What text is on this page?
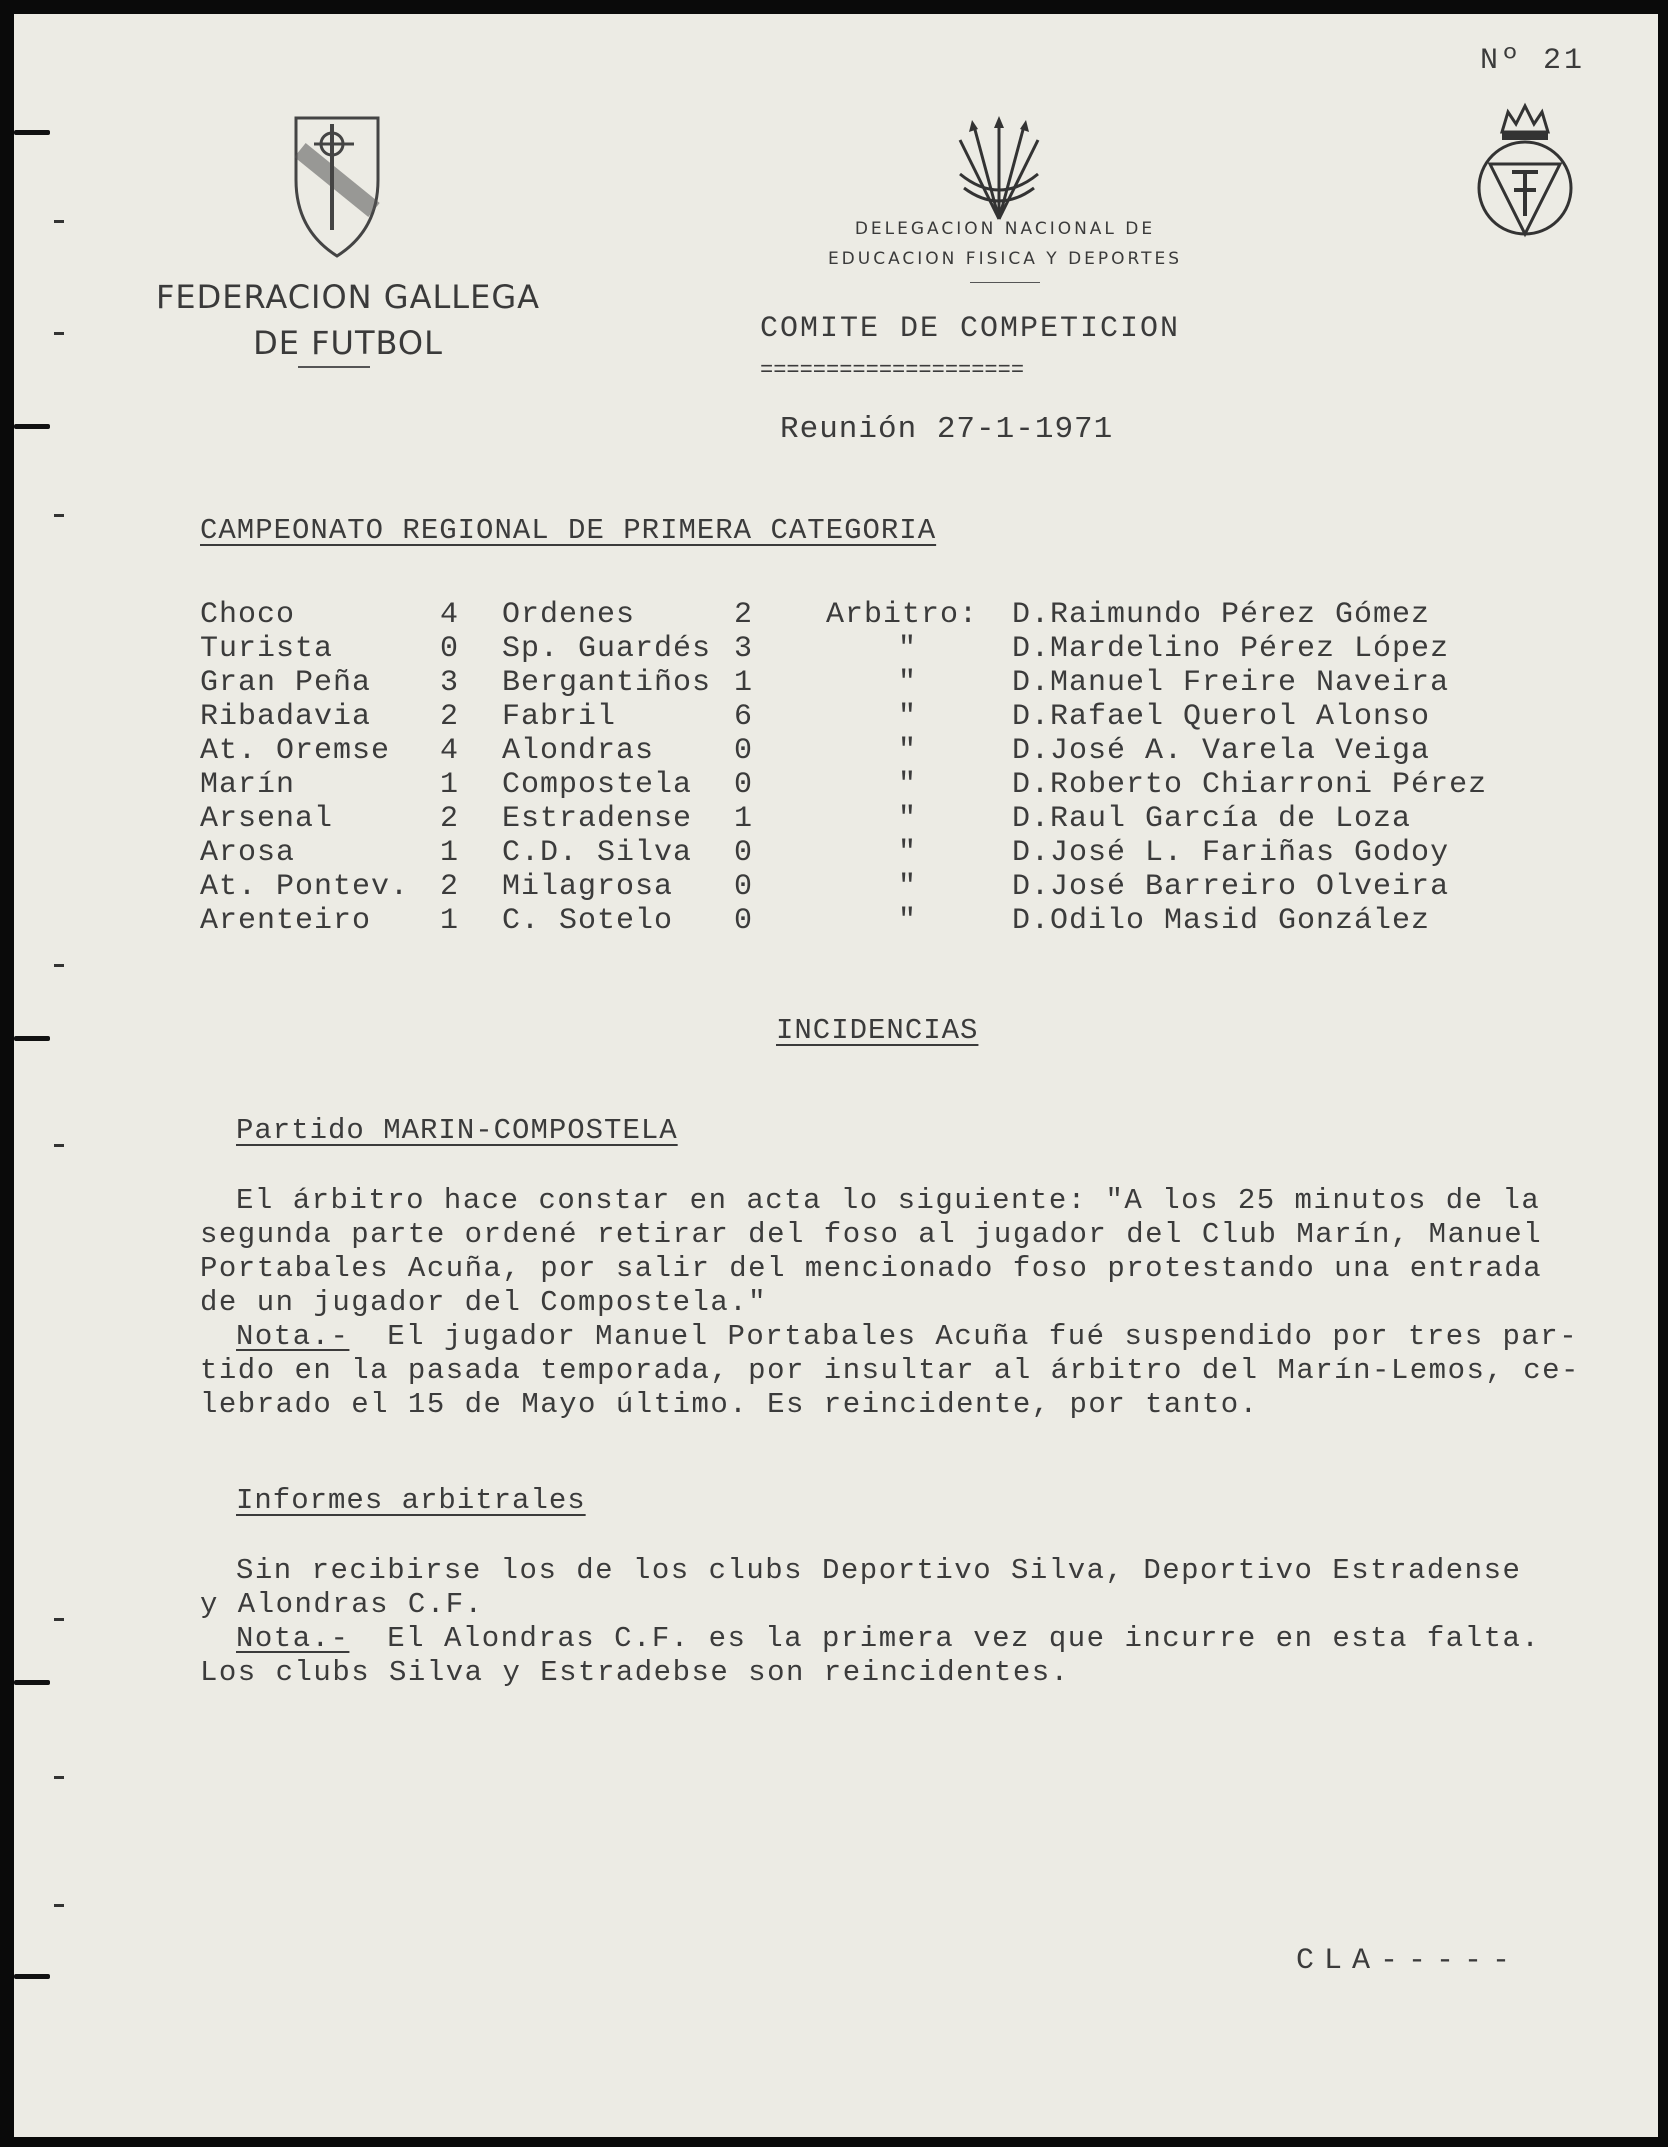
Nº 21
FEDERACION GALLEGA
DE FUTBOL
DELEGACION NACIONAL DE
EDUCACION FISICA Y DEPORTES
COMITE DE COMPETICION
====================
Reunión 27-1-1971
CAMPEONATO REGIONAL DE PRIMERA CATEGORIA
Choco	4 Ordenes	2 Arbitro: D.Raimundo Pérez Gómez
Turista	0 Sp. Guardés 3	"	D.Mardelino Pérez López
Gran Peña 3 Bergantiños 1	"	D.Manuel Freire Naveira
Ribadavia 2 Fabril	6	"	D.Rafael Querol Alonso
At. Oremse 4 Alondras	0	"	D.José A. Varela Veiga
Marín	1 Compostela 0	"	D.Roberto Chiarroni Pérez
Arsenal	2 Estradense 1	"	D.Raul García de Loza
Arosa	1 C.D. Silva 0	"	D.José L. Fariñas Godoy
At. Pontev. 2 Milagrosa 0	"	D.José Barreiro Olveira
Arenteiro 1 C. Sotelo 0	"	D.Odilo Masid González
INCIDENCIAS
Partido MARIN-COMPOSTELA
El árbitro hace constar en acta lo siguiente: "A los 25 minutos de la
segunda parte ordené retirar del foso al jugador del Club Marín, Manuel
Portabales Acuña, por salir del mencionado foso protestando una entrada
de un jugador del Compostela."
Nota.- El jugador Manuel Portabales Acuña fué suspendido por tres par-
tido en la pasada temporada, por insultar al árbitro del Marín-Lemos, ce-
lebrado el 15 de Mayo último. Es reincidente, por tanto.
Informes arbitrales
Sin recibirse los de los clubs Deportivo Silva, Deportivo Estradense
y Alondras C.F.
Nota.- El Alondras C.F. es la primera vez que incurre en esta falta.
Los clubs Silva y Estradebse son reincidentes.
CLA-----
